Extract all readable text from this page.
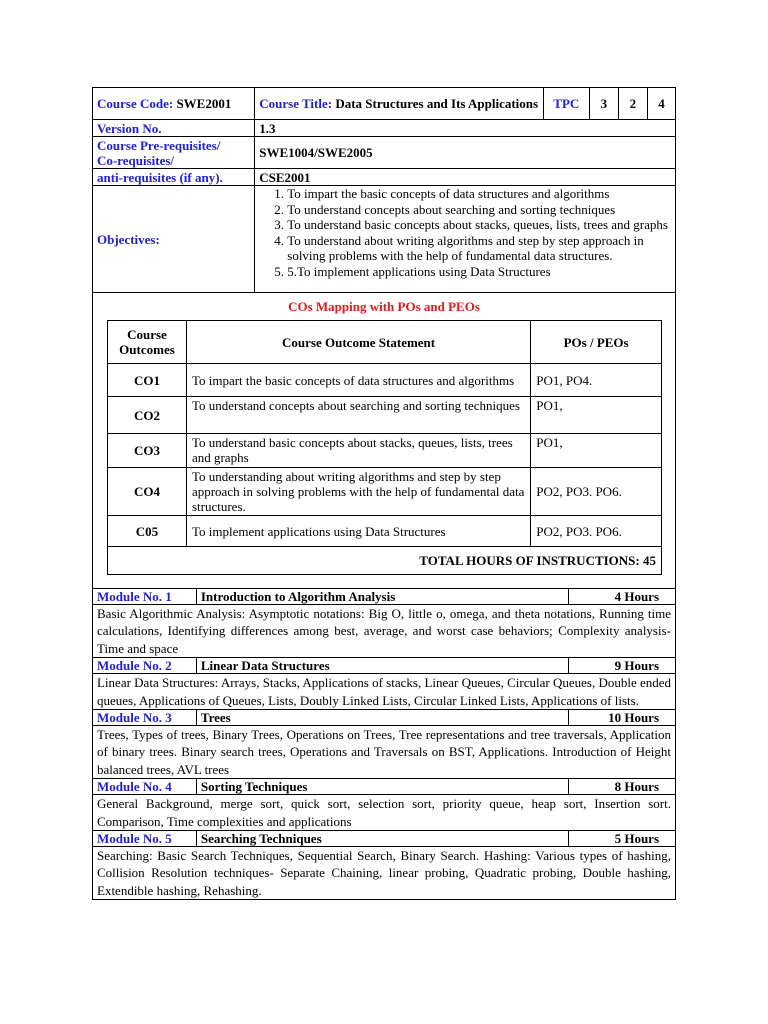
Course Code: SWE2001	Course Title: Data Structures and Its Applications	TPC	3	2	4
Version No.	1.3

Course Pre-requisites/
Co-requisites/	SWE1004/SWE2005
anti-requisites (if any).	CSE2001
Objectives:	
1. To impart the basic concepts of data structures and algorithms
2. To understand concepts about searching and sorting techniques
3. To understand basic concepts about stacks, queues, lists, trees and graphs
4. To understand about writing algorithms and step by step approach in solving problems with the help of fundamental data structures.
5. 5.To implement applications using Data Structures

COs Mapping with POs and PEOs
Course Outcomes	Course Outcome Statement	POs / PEOs
CO1	To impart the basic concepts of data structures and algorithms	PO1, PO4.
CO2	To understand concepts about searching and sorting techniques	PO1,
CO3	To understand basic concepts about stacks, queues, lists, trees and graphs	PO1,
CO4	To understanding about writing algorithms and step by step approach in solving problems with the help of fundamental data structures.	PO2, PO3. PO6.
C05	To implement applications using Data Structures	PO2, PO3. PO6.
TOTAL HOURS OF INSTRUCTIONS: 45
Module No. 1	Introduction to Algorithm Analysis	4 Hours
Basic Algorithmic Analysis: Asymptotic notations: Big O, little o, omega, and theta notations, Running time calculations, Identifying differences among best, average, and worst case behaviors; Complexity analysis- Time and space		
Module No. 2	Linear Data Structures	9 Hours
Linear Data Structures: Arrays, Stacks, Applications of stacks, Linear Queues, Circular Queues, Double ended queues, Applications of Queues, Lists, Doubly Linked Lists, Circular Linked Lists, Applications of lists.		
Module No. 3	Trees	10 Hours
Trees, Types of trees, Binary Trees, Operations on Trees, Tree representations and tree traversals, Application of binary trees. Binary search trees, Operations and Traversals on BST, Applications. Introduction of Height balanced trees, AVL trees		
Module No. 4	Sorting Techniques	8 Hours
General Background, merge sort, quick sort, selection sort, priority queue, heap sort, Insertion sort. Comparison, Time complexities and applications		
Module No. 5	Searching Techniques	5 Hours
Searching: Basic Search Techniques, Sequential Search, Binary Search. Hashing: Various types of hashing, Collision Resolution techniques- Separate Chaining, linear probing, Quadratic probing, Double hashing, Extendible hashing, Rehashing.		
